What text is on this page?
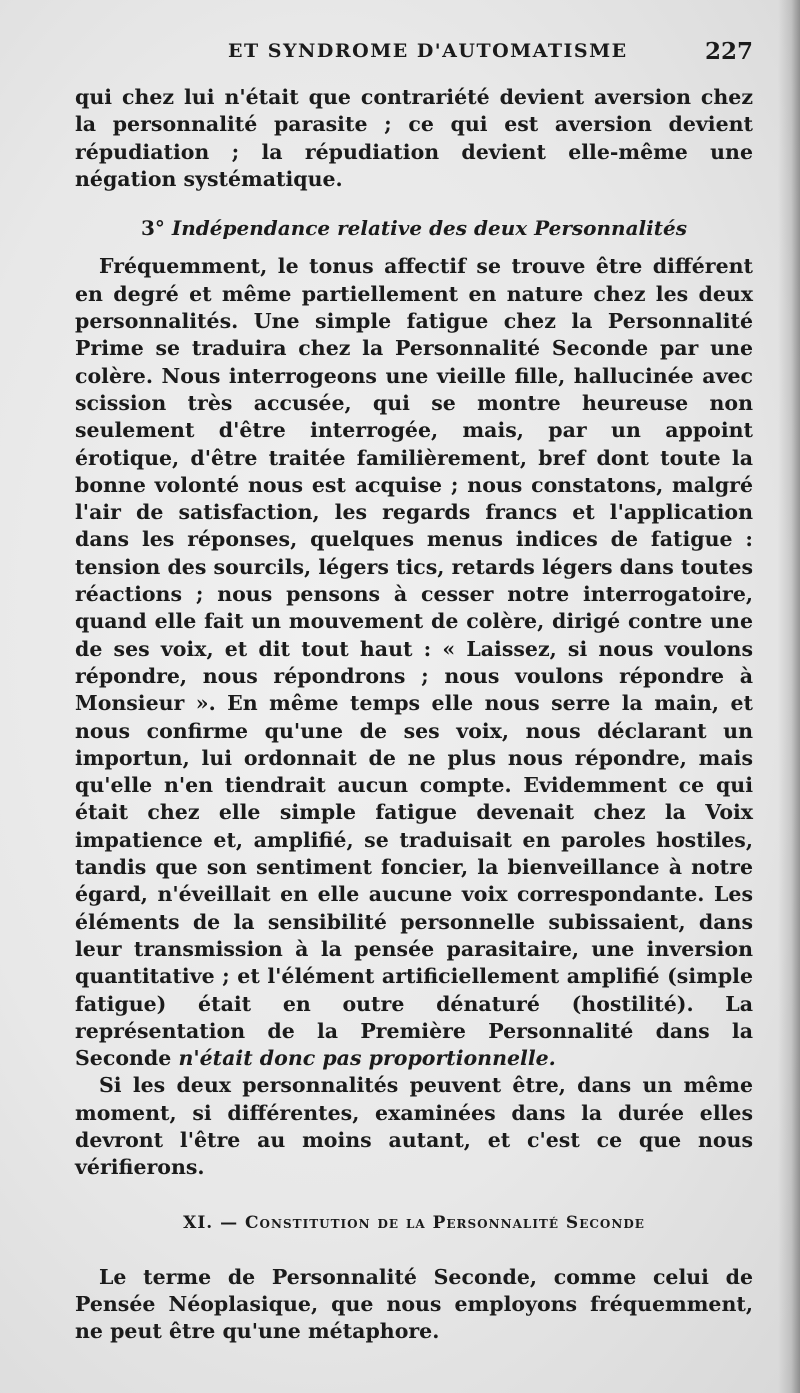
ET SYNDROME D'AUTOMATISME	227

qui chez lui n'était que contrariété devient aversion chez la personnalité parasite ; ce qui est aversion devient répudiation ; la répudiation devient elle-même une négation systématique.

3° Indépendance relative des deux Personnalités

Fréquemment, le tonus affectif se trouve être différent en degré et même partiellement en nature chez les deux personnalités. Une simple fatigue chez la Personnalité Prime se traduira chez la Personnalité Seconde par une colère. Nous interrogeons une vieille fille, hallucinée avec scission très accusée, qui se montre heureuse non seulement d'être interrogée, mais, par un appoint érotique, d'être traitée familièrement, bref dont toute la bonne volonté nous est acquise ; nous constatons, malgré l'air de satisfaction, les regards francs et l'application dans les réponses, quelques menus indices de fatigue : tension des sourcils, légers tics, retards légers dans toutes réactions ; nous pensons à cesser notre interrogatoire, quand elle fait un mouvement de colère, dirigé contre une de ses voix, et dit tout haut : « Laissez, si nous voulons répondre, nous répondrons ; nous voulons répondre à Monsieur ». En même temps elle nous serre la main, et nous confirme qu'une de ses voix, nous déclarant un importun, lui ordonnait de ne plus nous répondre, mais qu'elle n'en tiendrait aucun compte. Evidemment ce qui était chez elle simple fatigue devenait chez la Voix impatience et, amplifié, se traduisait en paroles hostiles, tandis que son sentiment foncier, la bienveillance à notre égard, n'éveillait en elle aucune voix correspondante. Les éléments de la sensibilité personnelle subissaient, dans leur transmission à la pensée parasitaire, une inversion quantitative ; et l'élément artificiellement amplifié (simple fatigue) était en outre dénaturé (hostilité). La représentation de la Première Personnalité dans la Seconde n'était donc pas proportionnelle.

Si les deux personnalités peuvent être, dans un même moment, si différentes, examinées dans la durée elles devront l'être au moins autant, et c'est ce que nous vérifierons.

XI. — Constitution de la Personnalité Seconde

Le terme de Personnalité Seconde, comme celui de Pensée Néoplasique, que nous employons fréquemment, ne peut être qu'une métaphore.
